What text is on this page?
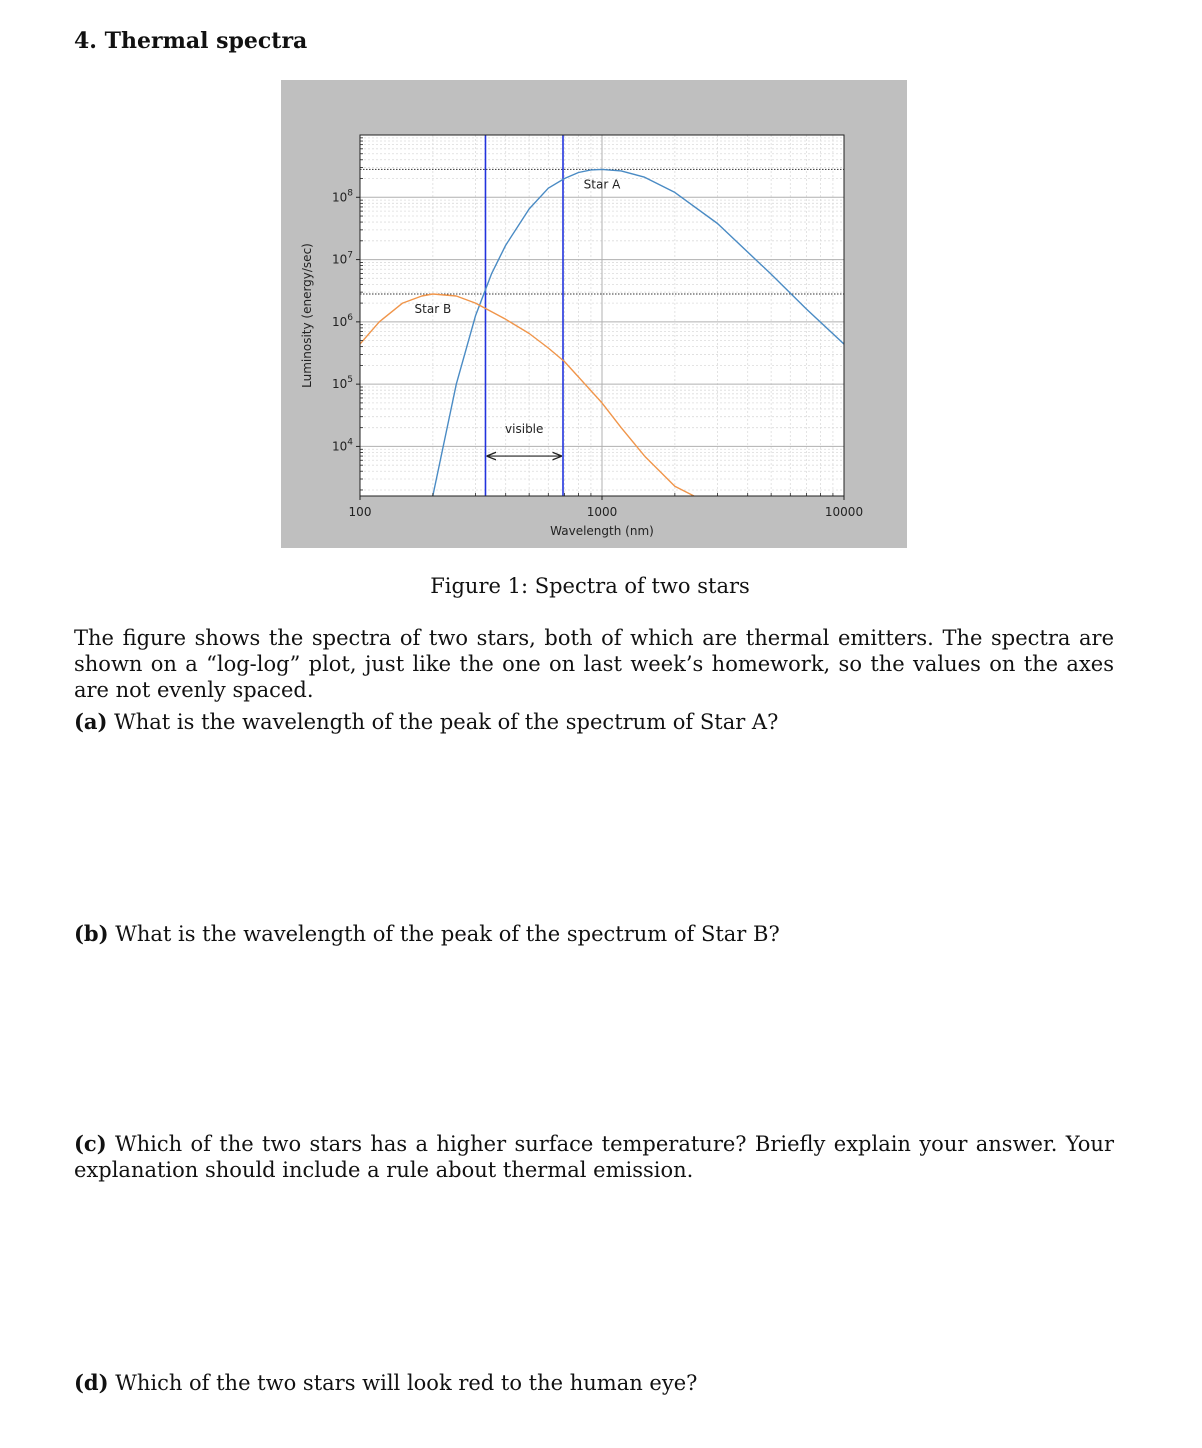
4. Thermal spectra
100	1000	10000
$10^4$
$10^5$
$10^6$
$10^7$
$10^8$
Wavelength (nm)
Luminosity (energy/sec)
Star A
Star B
visible
Figure 1: Spectra of two stars

The figure shows the spectra of two stars, both of which are thermal emitters. The spectra are shown on a “log-log” plot, just like the one on last week’s homework, so the values on the axes are not evenly spaced.

(a) What is the wavelength of the peak of the spectrum of Star A?

(b) What is the wavelength of the peak of the spectrum of Star B?

(c) Which of the two stars has a higher surface temperature? Briefly explain your answer. Your explanation should include a rule about thermal emission.

(d) Which of the two stars will look red to the human eye?
